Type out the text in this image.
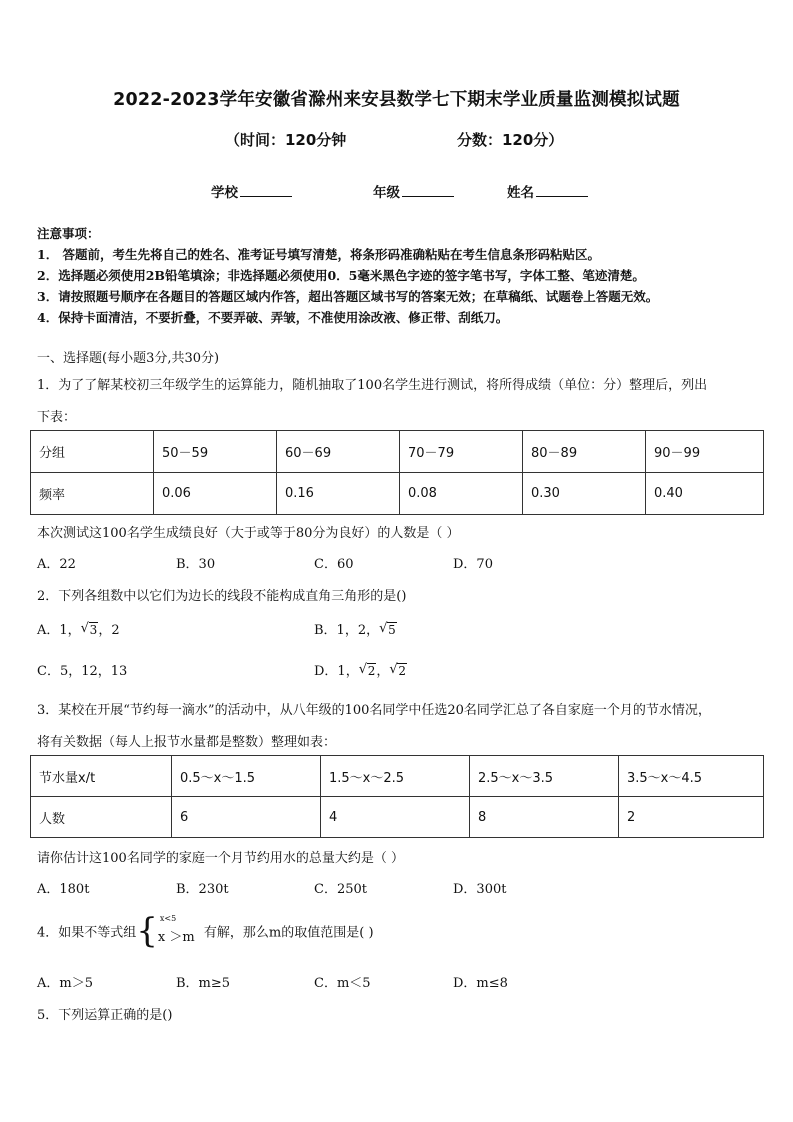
2022-2023学年安徽省滁州来安县数学七下期末学业质量监测模拟试题
（时间：120分钟	分数：120分）
学校	年级	姓名
注意事项：
1． 答题前，考生先将自己的姓名、准考证号填写清楚，将条形码准确粘贴在考生信息条形码粘贴区。
2．选择题必须使用2B铅笔填涂；非选择题必须使用0．5毫米黑色字迹的签字笔书写，字体工整、笔迹清楚。
3．请按照题号顺序在各题目的答题区域内作答，超出答题区域书写的答案无效；在草稿纸、试题卷上答题无效。
4．保持卡面清洁，不要折叠，不要弄破、弄皱，不准使用涂改液、修正带、刮纸刀。
一、选择题(每小题3分,共30分)
1．为了了解某校初三年级学生的运算能力，随机抽取了100名学生进行测试，将所得成绩（单位：分）整理后，列出
下表：
分组	50－59	60－69	70－79	80－89	90－99
频率	0.06	0.16	0.08	0.30	0.40
本次测试这100名学生成绩良好（大于或等于80分为良好）的人数是（ ）
A．22	B．30	C．60	D．70
2．下列各组数中以它们为边长的线段不能构成直角三角形的是()
A．1， √ 3，2	B．1，2， √ 5
C．5，12，13	D．1， √ 2， √ 2
3．某校在开展“节约每一滴水”的活动中，从八年级的100名同学中任选20名同学汇总了各自家庭一个月的节水情况，
将有关数据（每人上报节水量都是整数）整理如表：
节水量x/t	0.5～x～1.5	1.5～x～2.5	2.5～x～3.5	3.5～x～4.5
人数	6	4	8	2
请你估计这100名同学的家庭一个月节约用水的总量大约是（ ）
A．180t	B．230t	C．250t	D．300t
4．如果不等式组{ x<5
x ＞m 有解，那么m的取值范围是( )
A．m＞5	B．m≥5	C．m＜5	D．m≤8
5．下列运算正确的是()
